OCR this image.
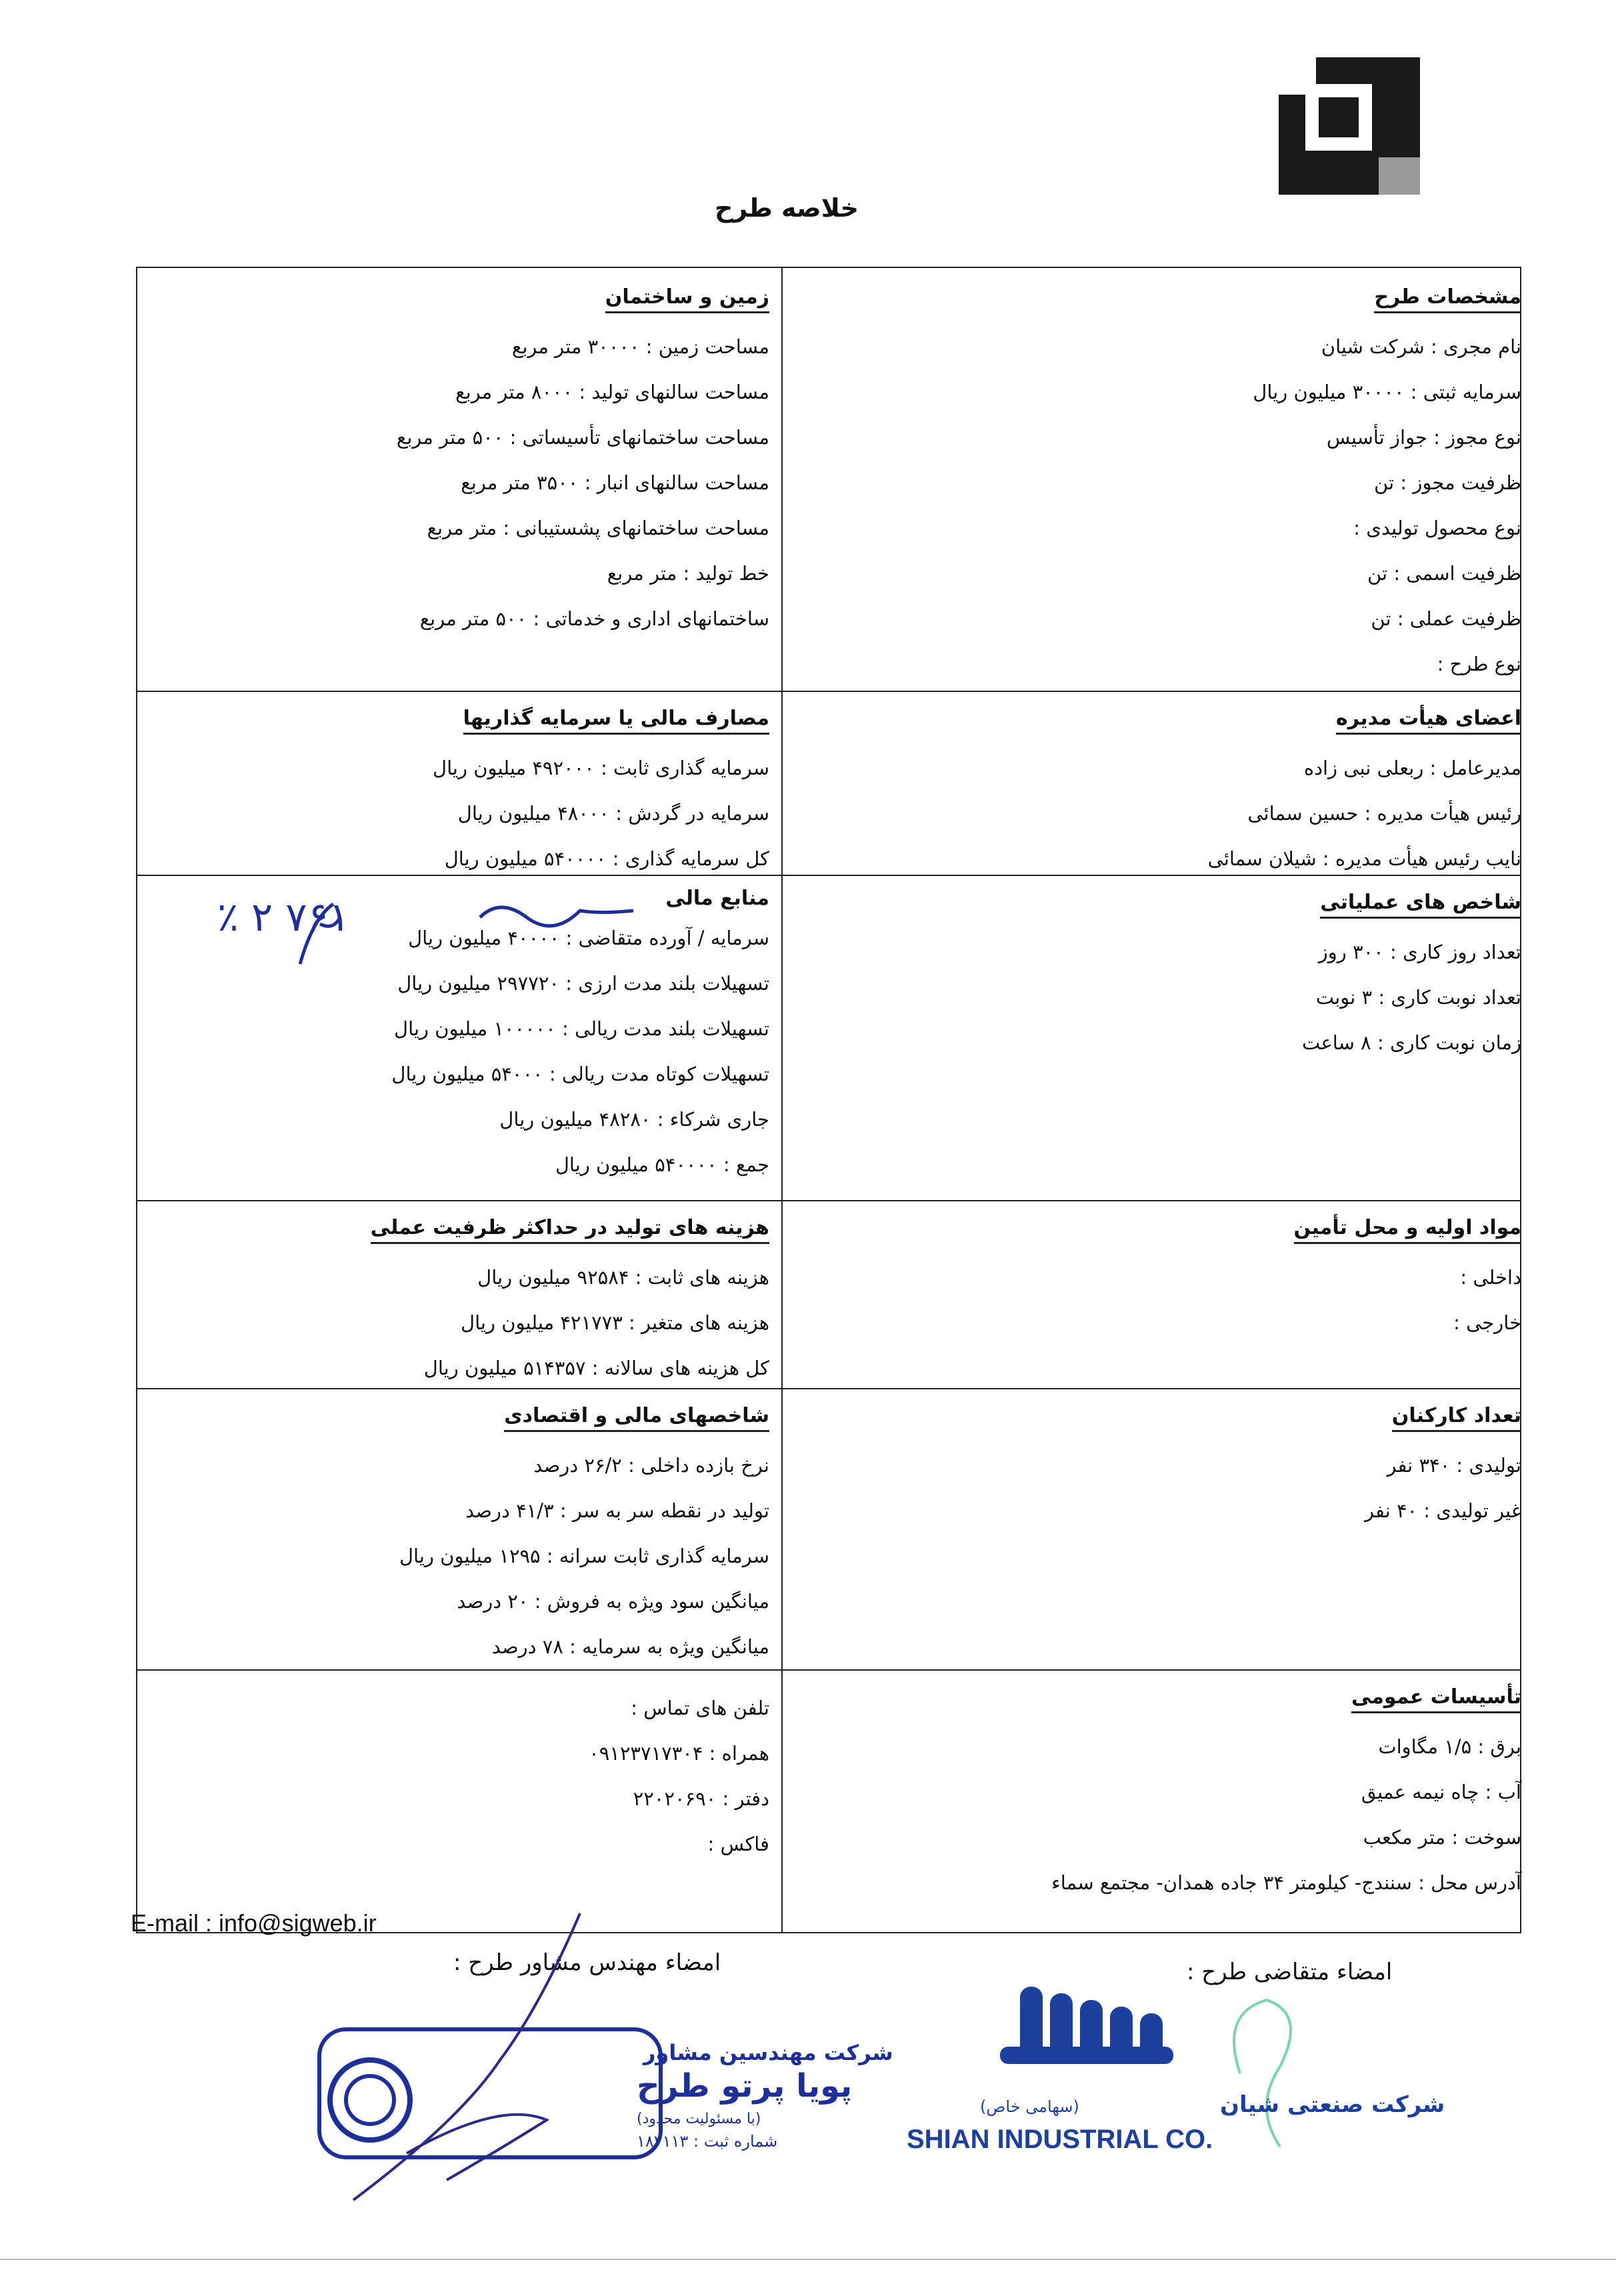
خلاصه طرح
مشخصات طرح
نام مجری : شرکت شیان
سرمایه ثبتی : ۳۰۰۰۰ میلیون ریال
نوع مجوز : جواز تأسیس
ظرفیت مجوز : تن
نوع محصول تولیدی :
ظرفیت اسمی : تن
ظرفیت عملی : تن
نوع طرح :
اعضای هیأت مدیره
مدیرعامل : ربعلی نبی زاده
رئیس هیأت مدیره : حسین سمائی
نایب رئیس هیأت مدیره : شیلان سمائی
شاخص های عملیاتی
تعداد روز کاری : ۳۰۰ روز
تعداد نوبت کاری : ۳ نوبت
زمان نوبت کاری : ۸ ساعت
مواد اولیه و محل تأمین
داخلی :
خارجی :
تعداد کارکنان
تولیدی : ۳۴۰ نفر
غیر تولیدی : ۴۰ نفر
تأسیسات عمومی
برق : ۱/۵ مگاوات
آب : چاه نیمه عمیق
سوخت : متر مکعب
آدرس محل : سنندج- کیلومتر ۳۴ جاده همدان- مجتمع سماء
زمین و ساختمان
مساحت زمین : ۳۰۰۰۰ متر مربع
مساحت سالنهای تولید : ۸۰۰۰ متر مربع
مساحت ساختمانهای تأسیساتی : ۵۰۰ متر مربع
مساحت سالنهای انبار : ۳۵۰۰ متر مربع
مساحت ساختمانهای پشستیبانی : متر مربع
خط تولید : متر مربع
ساختمانهای اداری و خدماتی : ۵۰۰ متر مربع
مصارف مالی یا سرمایه گذاریها
سرمایه گذاری ثابت : ۴۹۲۰۰۰ میلیون ریال
سرمایه در گردش : ۴۸۰۰۰ میلیون ریال
کل سرمایه گذاری : ۵۴۰۰۰۰ میلیون ریال
منابع مالی
سرمایه / آورده متقاضی : ۴۰۰۰۰ میلیون ریال
تسهیلات بلند مدت ارزی : ۲۹۷۷۲۰ میلیون ریال
تسهیلات بلند مدت ریالی : ۱۰۰۰۰۰ میلیون ریال
تسهیلات کوتاه مدت ریالی : ۵۴۰۰۰ میلیون ریال
جاری شرکاء : ۴۸۲۸۰ میلیون ریال
جمع : ۵۴۰۰۰۰ میلیون ریال
۷۶۱ ۲ ٪
هزینه های تولید در حداکثر ظرفیت عملی
هزینه های ثابت : ۹۲۵۸۴ میلیون ریال
هزینه های متغیر : ۴۲۱۷۷۳ میلیون ریال
کل هزینه های سالانه : ۵۱۴۳۵۷ میلیون ریال
شاخصهای مالی و اقتصادی
نرخ بازده داخلی : ۲۶/۲ درصد
تولید در نقطه سر به سر : ۴۱/۳ درصد
سرمایه گذاری ثابت سرانه : ۱۲۹۵ میلیون ریال
میانگین سود ویژه به فروش : ۲۰ درصد
میانگین ویژه به سرمایه : ۷۸ درصد
تلفن های تماس :
همراه : ۰۹۱۲۳۷۱۷۳۰۴
دفتر : ۲۲۰۲۰۶۹۰
فاکس :
E-mail : info@sigweb.ir
امضاء مهندس مشاور طرح :	امضاء متقاضی طرح :
شرکت مهندسین مشاور
پویا پرتو طرح
(با مسئولیت محدود)
شماره ثبت : ۱۸۲۱۱۳
شرکت صنعتی شیان
(سهامی خاص)
SHIAN INDUSTRIAL CO.
